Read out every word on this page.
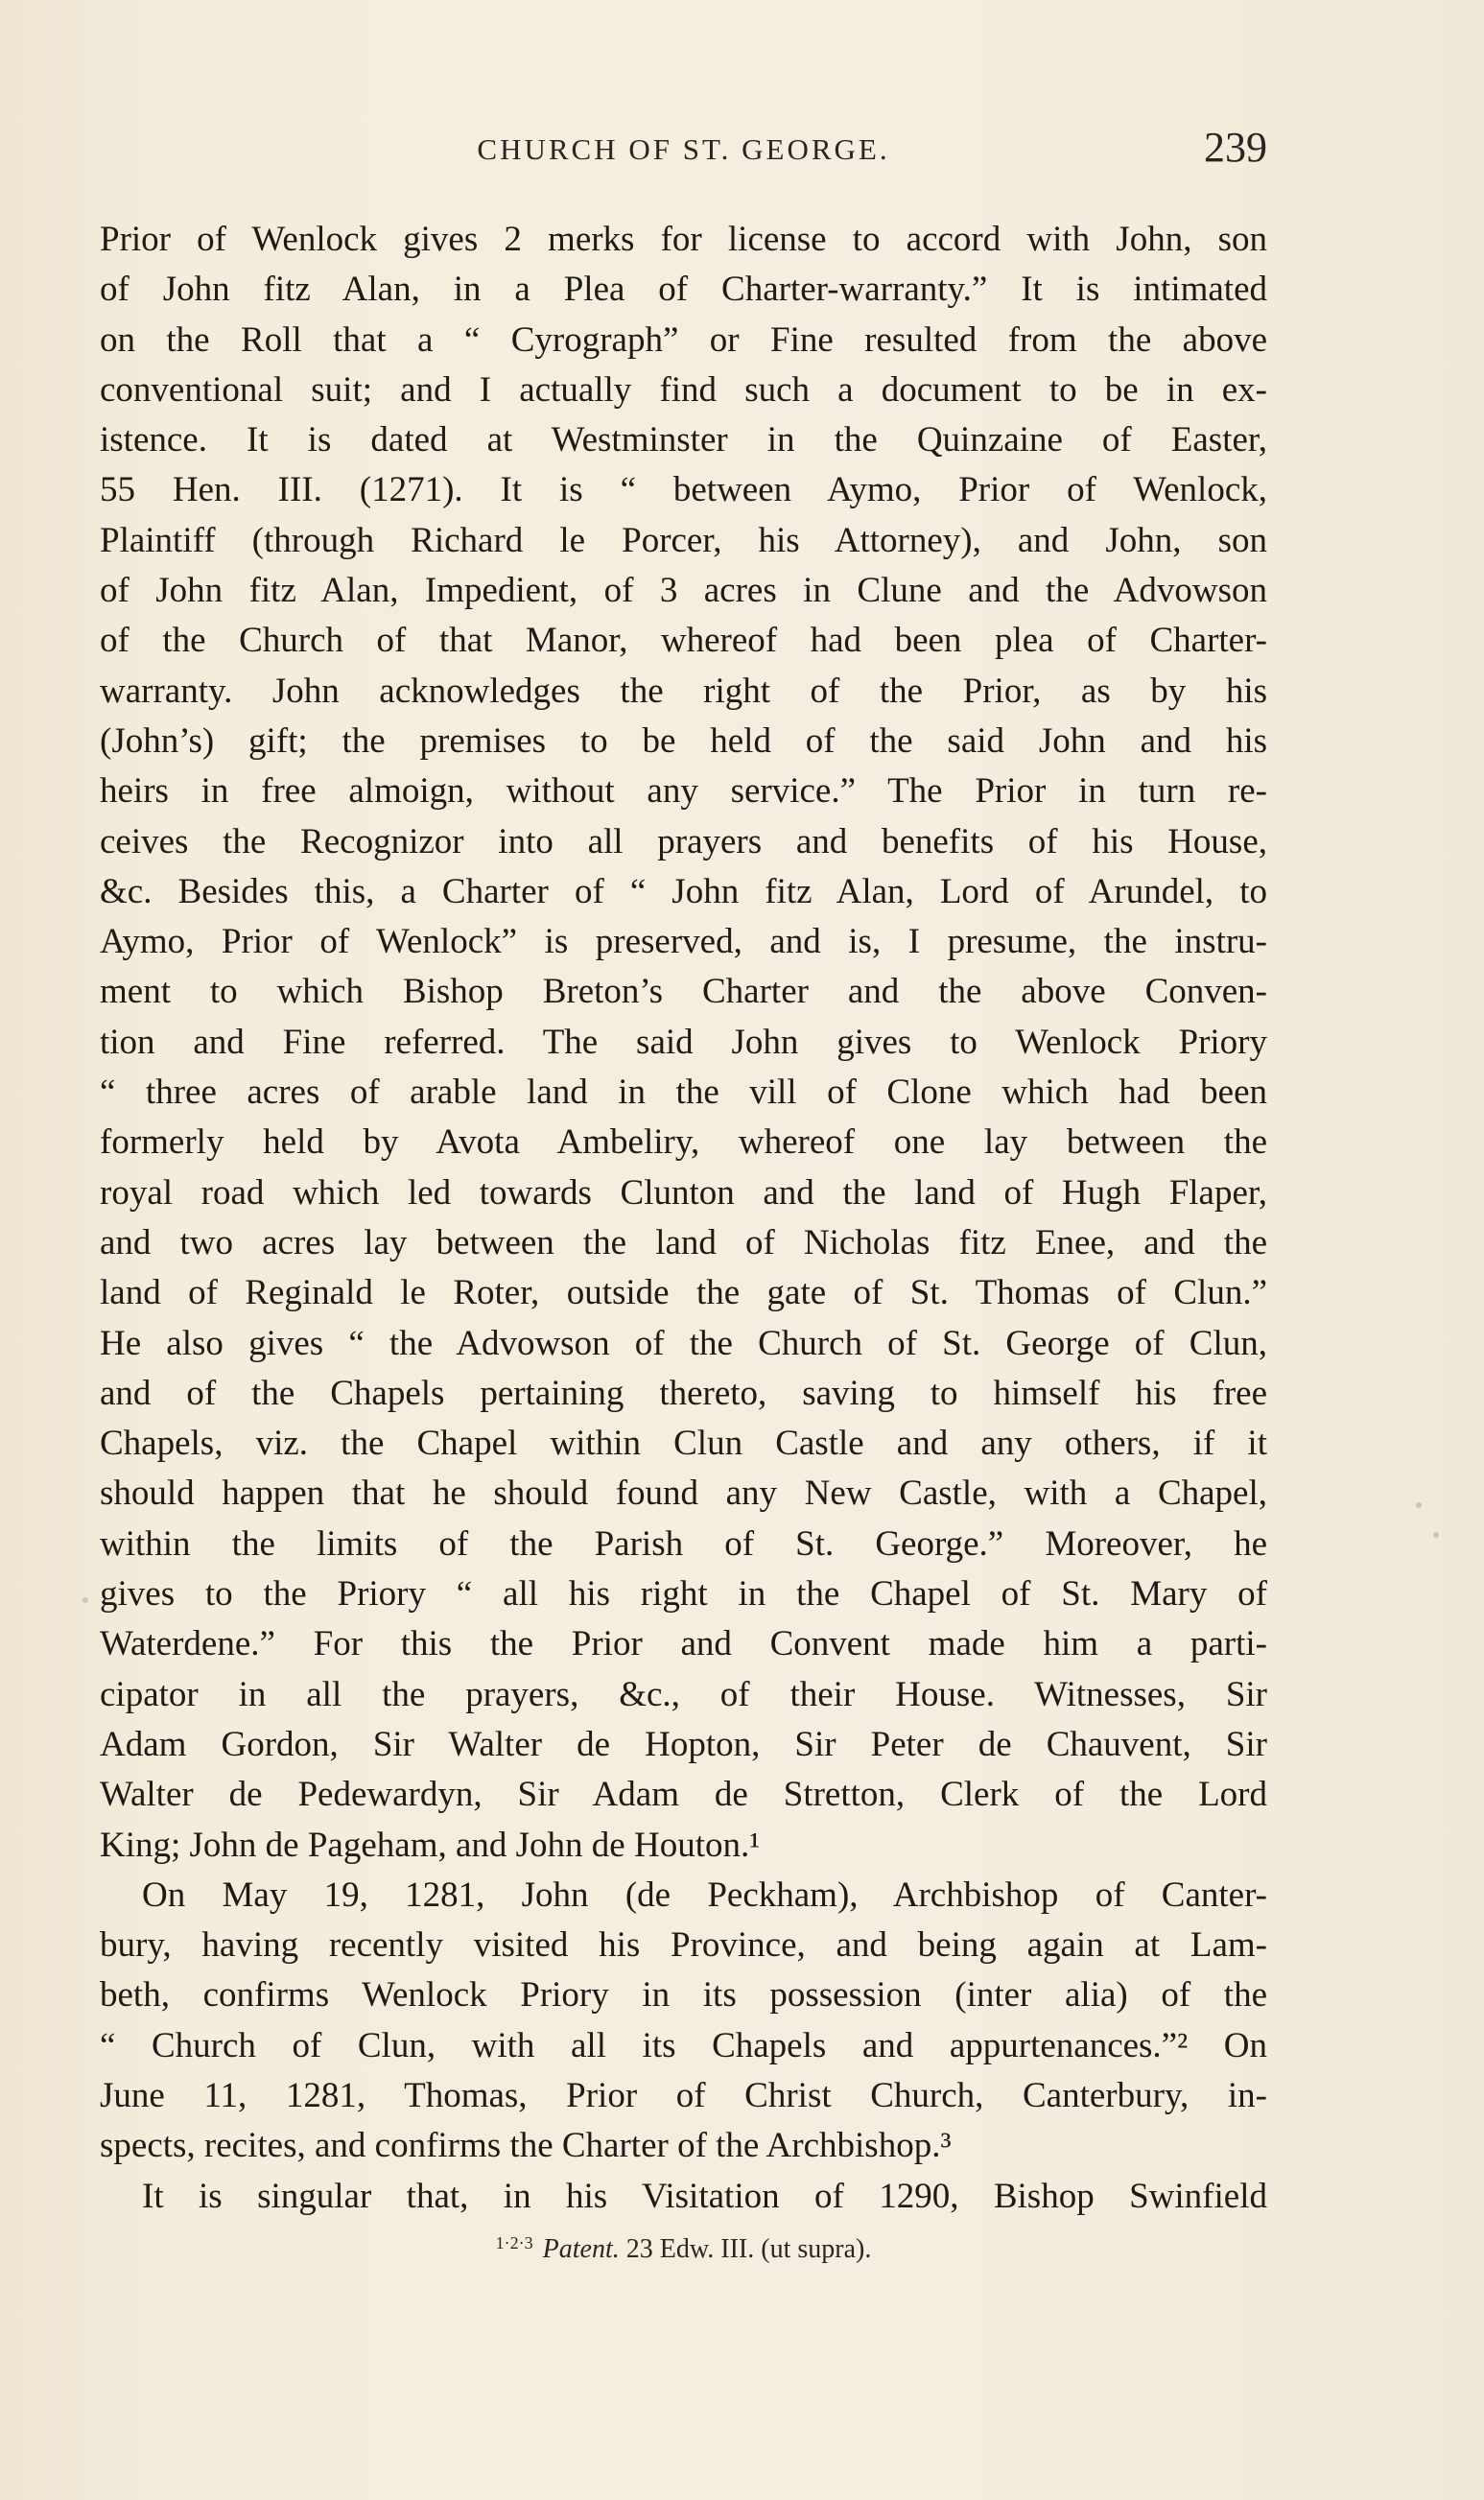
CHURCH OF ST. GEORGE.	239
Prior of Wenlock gives 2 merks for license to accord with John, son
of John fitz Alan, in a Plea of Charter-warranty.” It is intimated
on the Roll that a “ Cyrograph” or Fine resulted from the above
conventional suit; and I actually find such a document to be in ex-
istence. It is dated at Westminster in the Quinzaine of Easter,
55 Hen. III. (1271). It is “ between Aymo, Prior of Wenlock,
Plaintiff (through Richard le Porcer, his Attorney), and John, son
of John fitz Alan, Impedient, of 3 acres in Clune and the Advowson
of the Church of that Manor, whereof had been plea of Charter-
warranty. John acknowledges the right of the Prior, as by his
(John’s) gift; the premises to be held of the said John and his
heirs in free almoign, without any service.” The Prior in turn re-
ceives the Recognizor into all prayers and benefits of his House,
&c. Besides this, a Charter of “ John fitz Alan, Lord of Arundel, to
Aymo, Prior of Wenlock” is preserved, and is, I presume, the instru-
ment to which Bishop Breton’s Charter and the above Conven-
tion and Fine referred. The said John gives to Wenlock Priory
“ three acres of arable land in the vill of Clone which had been
formerly held by Avota Ambeliry, whereof one lay between the
royal road which led towards Clunton and the land of Hugh Flaper,
and two acres lay between the land of Nicholas fitz Enee, and the
land of Reginald le Roter, outside the gate of St. Thomas of Clun.”
He also gives “ the Advowson of the Church of St. George of Clun,
and of the Chapels pertaining thereto, saving to himself his free
Chapels, viz. the Chapel within Clun Castle and any others, if it
should happen that he should found any New Castle, with a Chapel,
within the limits of the Parish of St. George.” Moreover, he
gives to the Priory “ all his right in the Chapel of St. Mary of
Waterdene.” For this the Prior and Convent made him a parti-
cipator in all the prayers, &c., of their House. Witnesses, Sir
Adam Gordon, Sir Walter de Hopton, Sir Peter de Chauvent, Sir
Walter de Pedewardyn, Sir Adam de Stretton, Clerk of the Lord
King; John de Pageham, and John de Houton.¹
On May 19, 1281, John (de Peckham), Archbishop of Canter-
bury, having recently visited his Province, and being again at Lam-
beth, confirms Wenlock Priory in its possession (inter alia) of the
“ Church of Clun, with all its Chapels and appurtenances.”² On
June 11, 1281, Thomas, Prior of Christ Church, Canterbury, in-
spects, recites, and confirms the Charter of the Archbishop.³
It is singular that, in his Visitation of 1290, Bishop Swinfield
$^{1\cdot 2\cdot 3}$ Patent. 23 Edw. III. (ut supra).
